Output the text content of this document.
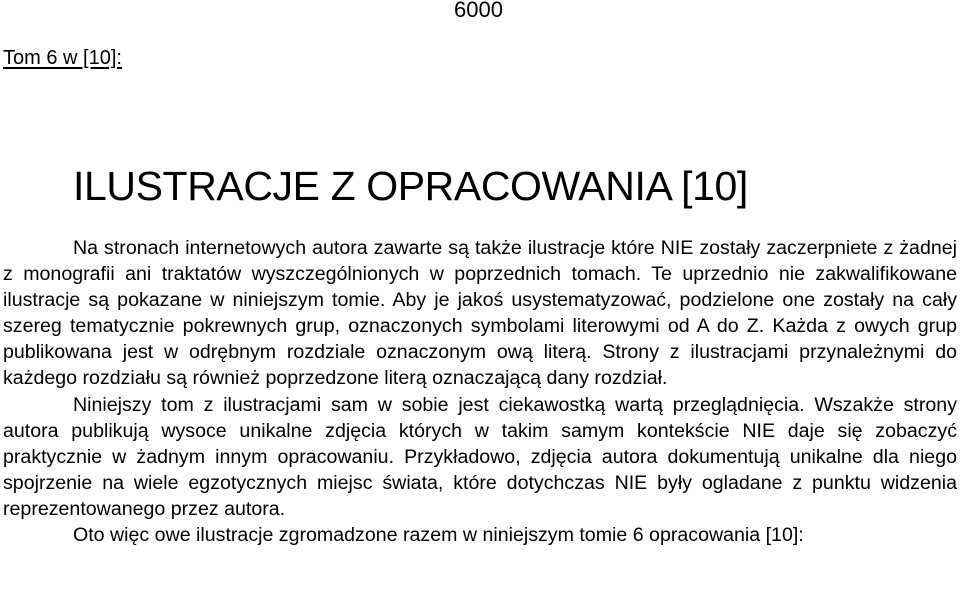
6000
Tom 6 w [10]:
ILUSTRACJE Z OPRACOWANIA [10]

Na stronach internetowych autora zawarte są także ilustracje które NIE zostały zaczerpniete z żadnej z monografii ani traktatów wyszczególnionych w poprzednich tomach. Te uprzednio nie zakwalifikowane ilustracje są pokazane w niniejszym tomie. Aby je jakoś usystematyzować, podzielone one zostały na cały szereg tematycznie pokrewnych grup, oznaczonych symbolami literowymi od A do Z. Każda z owych grup publikowana jest w odrębnym rozdziale oznaczonym ową literą. Strony z ilustracjami przynależnymi do każdego rozdziału są również poprzedzone literą oznaczającą dany rozdział.

Niniejszy tom z ilustracjami sam w sobie jest ciekawostką wartą przeglądnięcia. Wszakże strony autora publikują wysoce unikalne zdjęcia których w takim samym kontekście NIE daje się zobaczyć praktycznie w żadnym innym opracowaniu. Przykładowo, zdjęcia autora dokumentują unikalne dla niego spojrzenie na wiele egzotycznych miejsc świata, które dotychczas NIE były ogladane z punktu widzenia reprezentowanego przez autora.

Oto więc owe ilustracje zgromadzone razem w niniejszym tomie 6 opracowania [10]:
